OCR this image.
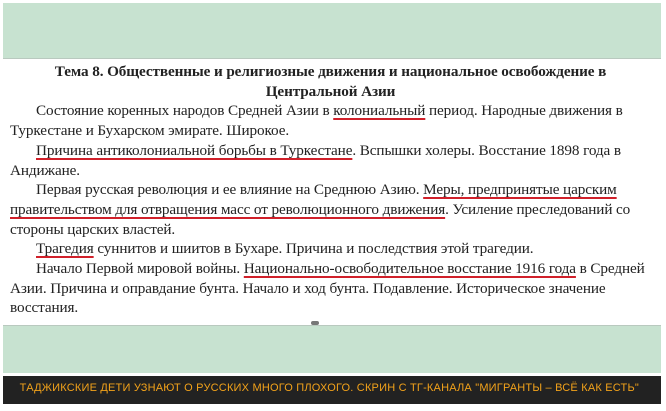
Тема 8. Общественные и религиозные движения и национальное освобождение в
Центральной Азии

Состояние коренных народов Средней Азии в колониальный период. Народные движения в Туркестане и Бухарском эмирате. Широкое.

Причина антиколониальной борьбы в Туркестане. Вспышки холеры. Восстание 1898 года в Андижане.

Первая русская революция и ее влияние на Среднюю Азию. Меры, предпринятые царским правительством для отвращения масс от революционного движения. Усиление преследований со стороны царских властей.

Трагедия суннитов и шиитов в Бухаре. Причина и последствия этой трагедии.

Начало Первой мировой войны. Национально-освободительное восстание 1916 года в Средней Азии. Причина и оправдание бунта. Начало и ход бунта. Подавление. Историческое значение восстания.

ТАДЖИКСКИЕ ДЕТИ УЗНАЮТ О РУССКИХ МНОГО ПЛОХОГО. СКРИН С ТГ-КАНАЛА "МИГРАНТЫ – ВСЁ КАК ЕСТЬ"
